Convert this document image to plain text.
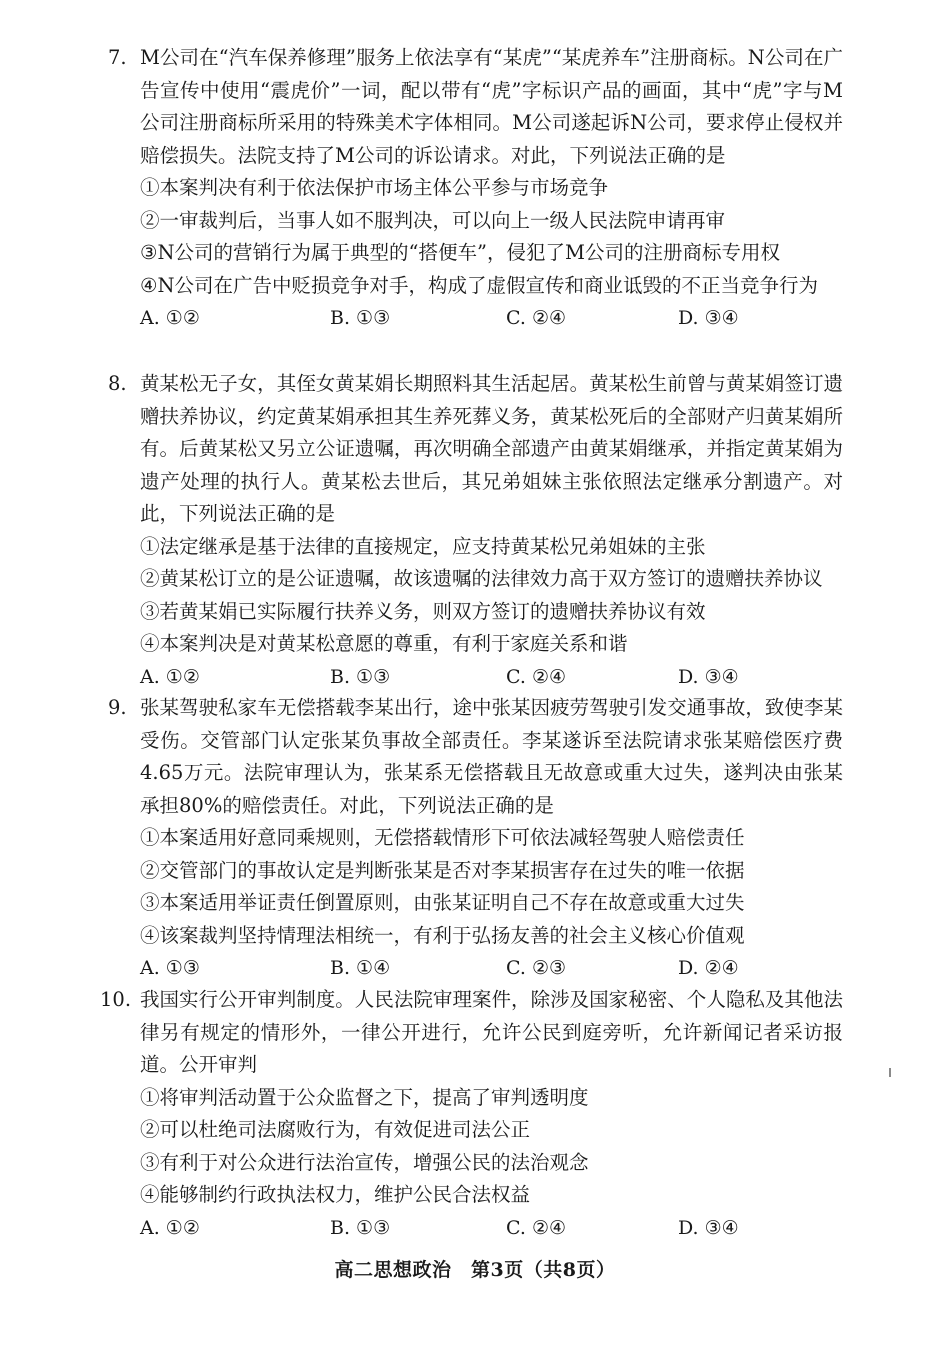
7. M公司在“汽车保养修理”服务上依法享有“某虎”“某虎养车”注册商标。N公司在广告宣传中使用“震虎价”一词，配以带有“虎”字标识产品的画面，其中“虎”字与M公司注册商标所采用的特殊美术字体相同。M公司遂起诉N公司，要求停止侵权并赔偿损失。法院支持了M公司的诉讼请求。对此，下列说法正确的是
①本案判决有利于依法保护市场主体公平参与市场竞争
②一审裁判后，当事人如不服判决，可以向上一级人民法院申请再审
③N公司的营销行为属于典型的“搭便车”，侵犯了M公司的注册商标专用权
④N公司在广告中贬损竞争对手，构成了虚假宣传和商业诋毁的不正当竞争行为
A. ①②	B. ①③	C. ②④	D. ③④
8. 黄某松无子女，其侄女黄某娟长期照料其生活起居。黄某松生前曾与黄某娟签订遗赠扶养协议，约定黄某娟承担其生养死葬义务，黄某松死后的全部财产归黄某娟所有。后黄某松又另立公证遗嘱，再次明确全部遗产由黄某娟继承，并指定黄某娟为遗产处理的执行人。黄某松去世后，其兄弟姐妹主张依照法定继承分割遗产。对此，下列说法正确的是
①法定继承是基于法律的直接规定，应支持黄某松兄弟姐妹的主张
②黄某松订立的是公证遗嘱，故该遗嘱的法律效力高于双方签订的遗赠扶养协议
③若黄某娟已实际履行扶养义务，则双方签订的遗赠扶养协议有效
④本案判决是对黄某松意愿的尊重，有利于家庭关系和谐
A. ①②	B. ①③	C. ②④	D. ③④
9. 张某驾驶私家车无偿搭载李某出行，途中张某因疲劳驾驶引发交通事故，致使李某受伤。交管部门认定张某负事故全部责任。李某遂诉至法院请求张某赔偿医疗费4.65万元。法院审理认为，张某系无偿搭载且无故意或重大过失，遂判决由张某承担80%的赔偿责任。对此，下列说法正确的是
①本案适用好意同乘规则，无偿搭载情形下可依法减轻驾驶人赔偿责任
②交管部门的事故认定是判断张某是否对李某损害存在过失的唯一依据
③本案适用举证责任倒置原则，由张某证明自己不存在故意或重大过失
④该案裁判坚持情理法相统一，有利于弘扬友善的社会主义核心价值观
A. ①③	B. ①④	C. ②③	D. ②④
10. 我国实行公开审判制度。人民法院审理案件，除涉及国家秘密、个人隐私及其他法律另有规定的情形外，一律公开进行，允许公民到庭旁听，允许新闻记者采访报道。公开审判
①将审判活动置于公众监督之下，提高了审判透明度
②可以杜绝司法腐败行为，有效促进司法公正
③有利于对公众进行法治宣传，增强公民的法治观念
④能够制约行政执法权力，维护公民合法权益
A. ①②	B. ①③	C. ②④	D. ③④
高二思想政治　第3页（共8页）
